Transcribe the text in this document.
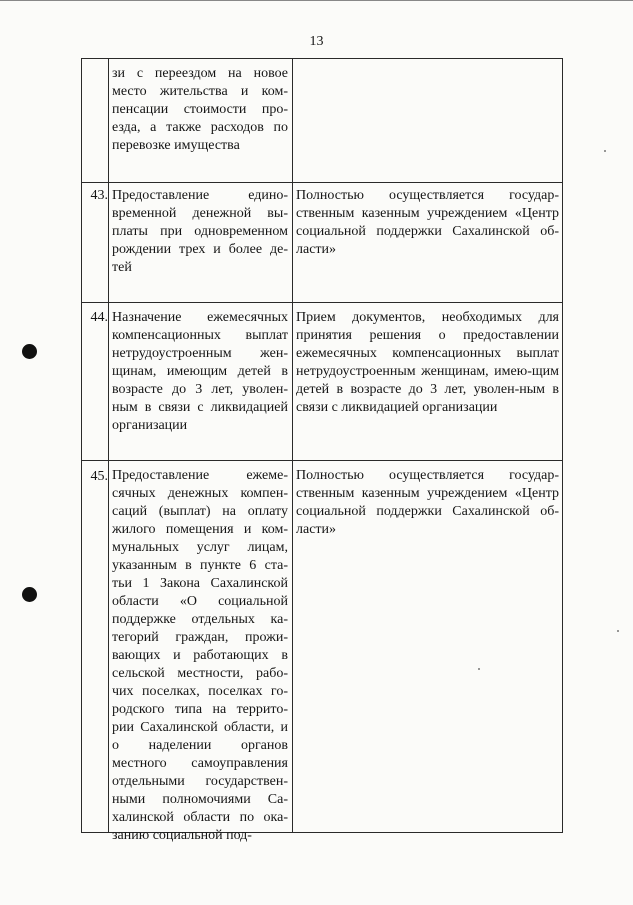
13
зи с переездом на новое место жительства и ком-пенсации стоимости про-езда, а также расходов по перевозке имущества
43. Предоставление едино-временной денежной вы-платы при одновременном рождении трех и более де-тей
Полностью осуществляется государ-ственным казенным учреждением «Центр социальной поддержки Сахалинской об-ласти»
44. Назначение ежемесячных компенсационных выплат нетрудоустроенным жен-щинам, имеющим детей в возрасте до 3 лет, уволен-ным в связи с ликвидацией организации
Прием документов, необходимых для принятия решения о предоставлении ежемесячных компенсационных выплат нетрудоустроенным женщинам, имею-щим детей в возрасте до 3 лет, уволен-ным в связи с ликвидацией организации
45. Предоставление ежеме-сячных денежных компен-саций (выплат) на оплату жилого помещения и ком-мунальных услуг лицам, указанным в пункте 6 ста-тьи 1 Закона Сахалинской области «О социальной поддержке отдельных ка-тегорий граждан, прожи-вающих и работающих в сельской местности, рабо-чих поселках, поселках го-родского типа на террито-рии Сахалинской области, и о наделении органов местного самоуправления отдельными государствен-ными полномочиями Са-халинской области по ока-занию социальной под-
Полностью осуществляется государ-ственным казенным учреждением «Центр социальной поддержки Сахалинской об-ласти»
